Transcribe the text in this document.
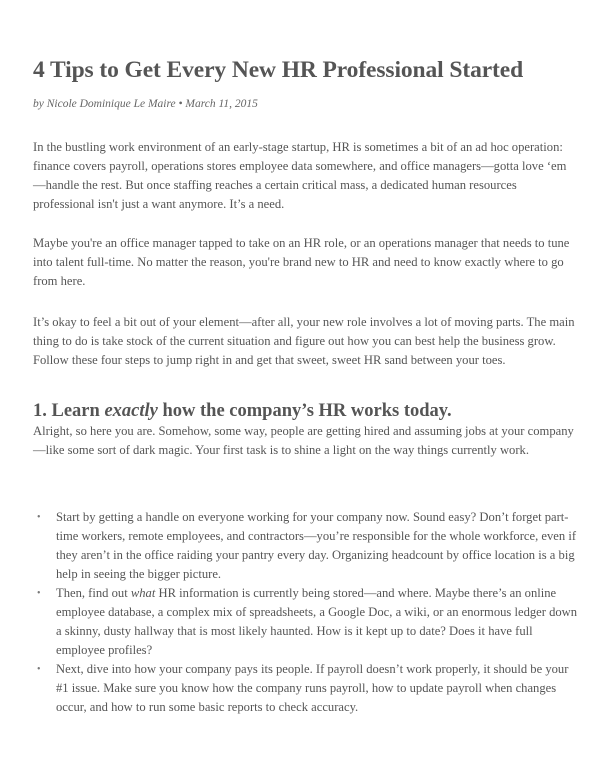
4 Tips to Get Every New HR Professional Started
by Nicole Dominique Le Maire • March 11, 2015

In the bustling work environment of an early-stage startup, HR is sometimes a bit of an ad hoc operation: finance covers payroll, operations stores employee data somewhere, and office managers—gotta love ‘em—handle the rest. But once staffing reaches a certain critical mass, a dedicated human resources professional isn't just a want anymore. It’s a need.

Maybe you're an office manager tapped to take on an HR role, or an operations manager that needs to tune into talent full-time. No matter the reason, you're brand new to HR and need to know exactly where to go from here.

It’s okay to feel a bit out of your element—after all, your new role involves a lot of moving parts. The main thing to do is take stock of the current situation and figure out how you can best help the business grow. Follow these four steps to jump right in and get that sweet, sweet HR sand between your toes.

1. Learn exactly how the company’s HR works today.

Alright, so here you are. Somehow, some way, people are getting hired and assuming jobs at your company—like some sort of dark magic. Your first task is to shine a light on the way things currently work.

• Start by getting a handle on everyone working for your company now. Sound easy? Don’t forget part-time workers, remote employees, and contractors—you’re responsible for the whole workforce, even if they aren’t in the office raiding your pantry every day. Organizing headcount by office location is a big help in seeing the bigger picture.
• Then, find out what HR information is currently being stored—and where. Maybe there’s an online employee database, a complex mix of spreadsheets, a Google Doc, a wiki, or an enormous ledger down a skinny, dusty hallway that is most likely haunted. How is it kept up to date? Does it have full employee profiles?
• Next, dive into how your company pays its people. If payroll doesn’t work properly, it should be your #1 issue. Make sure you know how the company runs payroll, how to update payroll when changes occur, and how to run some basic reports to check accuracy.
